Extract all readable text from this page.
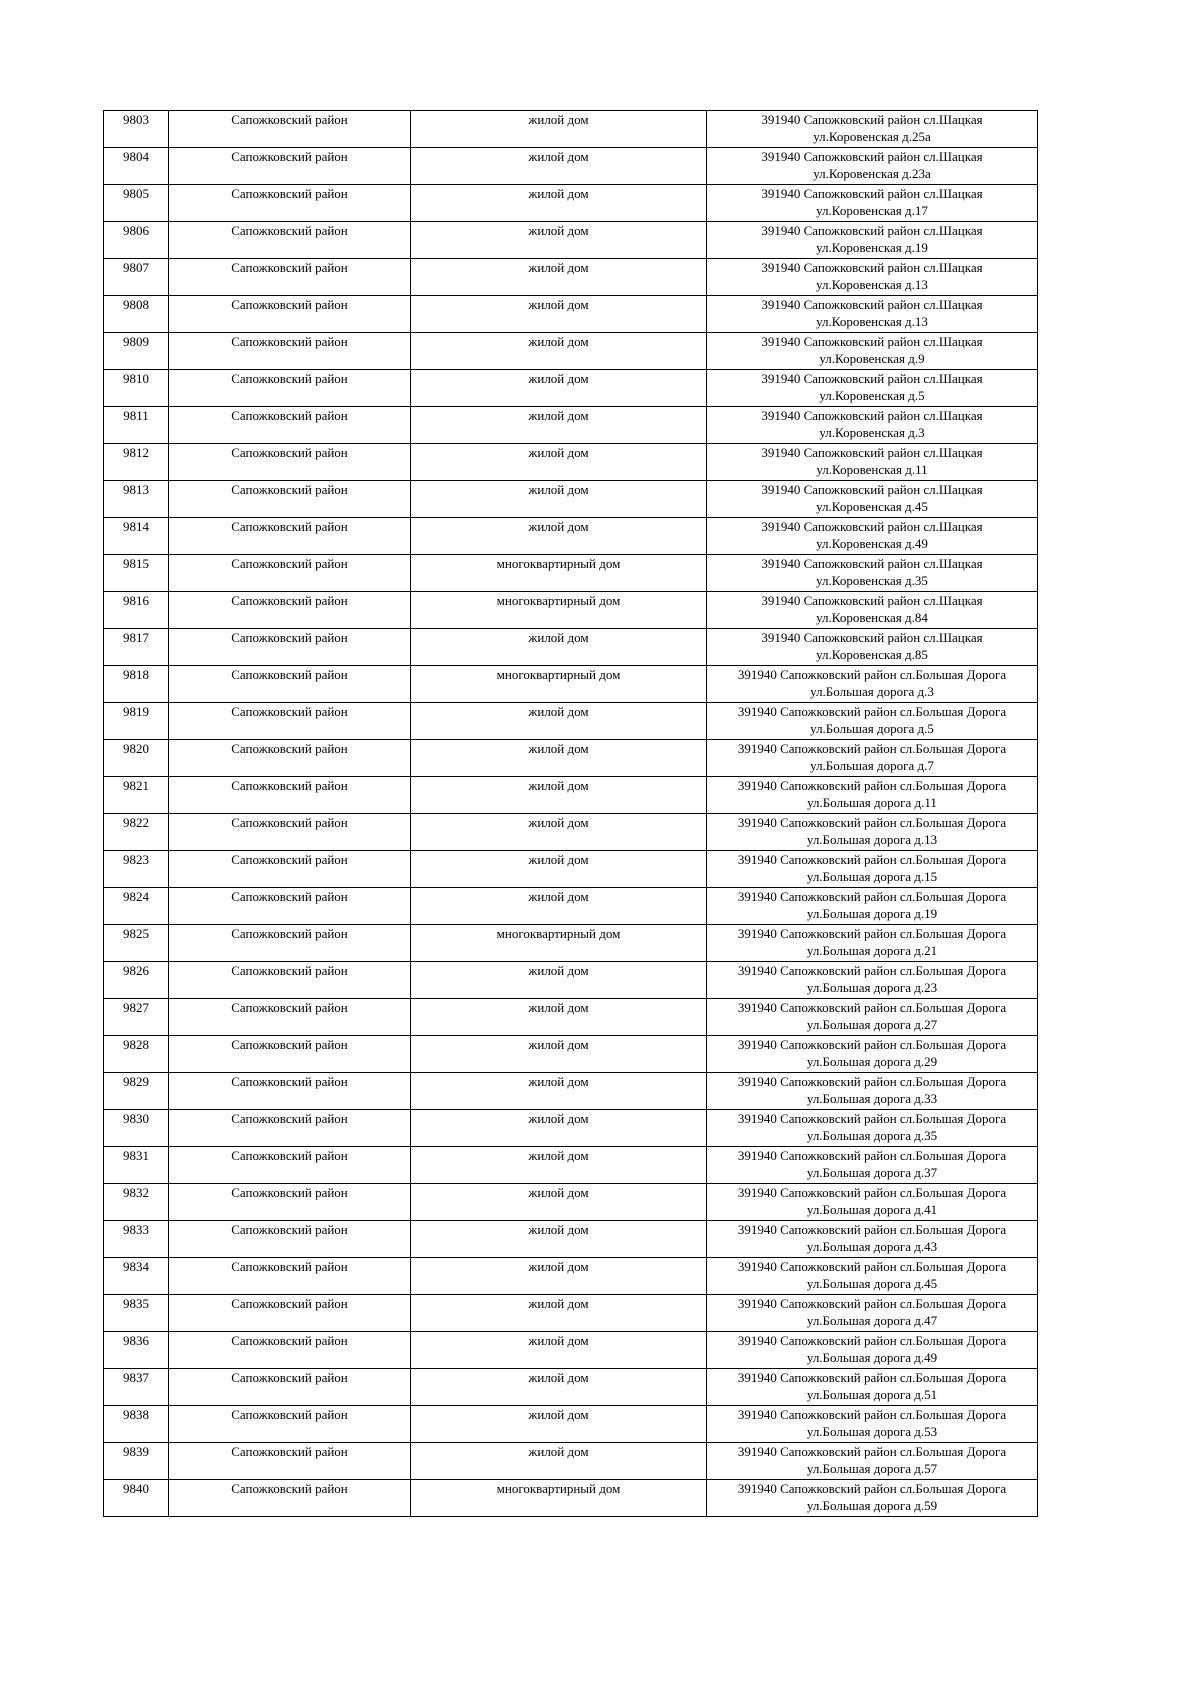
9803	Сапожковский район	жилой дом	391940 Сапожковский район сл.Шацкая
ул.Коровенская д.25а

9804	Сапожковский район	жилой дом	391940 Сапожковский район сл.Шацкая
ул.Коровенская д.23а

9805	Сапожковский район	жилой дом	391940 Сапожковский район сл.Шацкая
ул.Коровенская д.17

9806	Сапожковский район	жилой дом	391940 Сапожковский район сл.Шацкая
ул.Коровенская д.19

9807	Сапожковский район	жилой дом	391940 Сапожковский район сл.Шацкая
ул.Коровенская д.13

9808	Сапожковский район	жилой дом	391940 Сапожковский район сл.Шацкая
ул.Коровенская д.13

9809	Сапожковский район	жилой дом	391940 Сапожковский район сл.Шацкая
ул.Коровенская д.9

9810	Сапожковский район	жилой дом	391940 Сапожковский район сл.Шацкая
ул.Коровенская д.5

9811	Сапожковский район	жилой дом	391940 Сапожковский район сл.Шацкая
ул.Коровенская д.3

9812	Сапожковский район	жилой дом	391940 Сапожковский район сл.Шацкая
ул.Коровенская д.11

9813	Сапожковский район	жилой дом	391940 Сапожковский район сл.Шацкая
ул.Коровенская д.45

9814	Сапожковский район	жилой дом	391940 Сапожковский район сл.Шацкая
ул.Коровенская д.49

9815	Сапожковский район	многоквартирный дом	391940 Сапожковский район сл.Шацкая
ул.Коровенская д.35

9816	Сапожковский район	многоквартирный дом	391940 Сапожковский район сл.Шацкая
ул.Коровенская д.84

9817	Сапожковский район	жилой дом	391940 Сапожковский район сл.Шацкая
ул.Коровенская д.85

9818	Сапожковский район	многоквартирный дом	391940 Сапожковский район сл.Большая Дорога
ул.Большая дорога д.3

9819	Сапожковский район	жилой дом	391940 Сапожковский район сл.Большая Дорога
ул.Большая дорога д.5

9820	Сапожковский район	жилой дом	391940 Сапожковский район сл.Большая Дорога
ул.Большая дорога д.7

9821	Сапожковский район	жилой дом	391940 Сапожковский район сл.Большая Дорога
ул.Большая дорога д.11

9822	Сапожковский район	жилой дом	391940 Сапожковский район сл.Большая Дорога
ул.Большая дорога д.13

9823	Сапожковский район	жилой дом	391940 Сапожковский район сл.Большая Дорога
ул.Большая дорога д.15

9824	Сапожковский район	жилой дом	391940 Сапожковский район сл.Большая Дорога
ул.Большая дорога д.19

9825	Сапожковский район	многоквартирный дом	391940 Сапожковский район сл.Большая Дорога
ул.Большая дорога д.21

9826	Сапожковский район	жилой дом	391940 Сапожковский район сл.Большая Дорога
ул.Большая дорога д.23

9827	Сапожковский район	жилой дом	391940 Сапожковский район сл.Большая Дорога
ул.Большая дорога д.27

9828	Сапожковский район	жилой дом	391940 Сапожковский район сл.Большая Дорога
ул.Большая дорога д.29

9829	Сапожковский район	жилой дом	391940 Сапожковский район сл.Большая Дорога
ул.Большая дорога д.33

9830	Сапожковский район	жилой дом	391940 Сапожковский район сл.Большая Дорога
ул.Большая дорога д.35

9831	Сапожковский район	жилой дом	391940 Сапожковский район сл.Большая Дорога
ул.Большая дорога д.37

9832	Сапожковский район	жилой дом	391940 Сапожковский район сл.Большая Дорога
ул.Большая дорога д.41

9833	Сапожковский район	жилой дом	391940 Сапожковский район сл.Большая Дорога
ул.Большая дорога д.43

9834	Сапожковский район	жилой дом	391940 Сапожковский район сл.Большая Дорога
ул.Большая дорога д.45

9835	Сапожковский район	жилой дом	391940 Сапожковский район сл.Большая Дорога
ул.Большая дорога д.47

9836	Сапожковский район	жилой дом	391940 Сапожковский район сл.Большая Дорога
ул.Большая дорога д.49

9837	Сапожковский район	жилой дом	391940 Сапожковский район сл.Большая Дорога
ул.Большая дорога д.51

9838	Сапожковский район	жилой дом	391940 Сапожковский район сл.Большая Дорога
ул.Большая дорога д.53

9839	Сапожковский район	жилой дом	391940 Сапожковский район сл.Большая Дорога
ул.Большая дорога д.57

9840	Сапожковский район	многоквартирный дом	391940 Сапожковский район сл.Большая Дорога
ул.Большая дорога д.59
